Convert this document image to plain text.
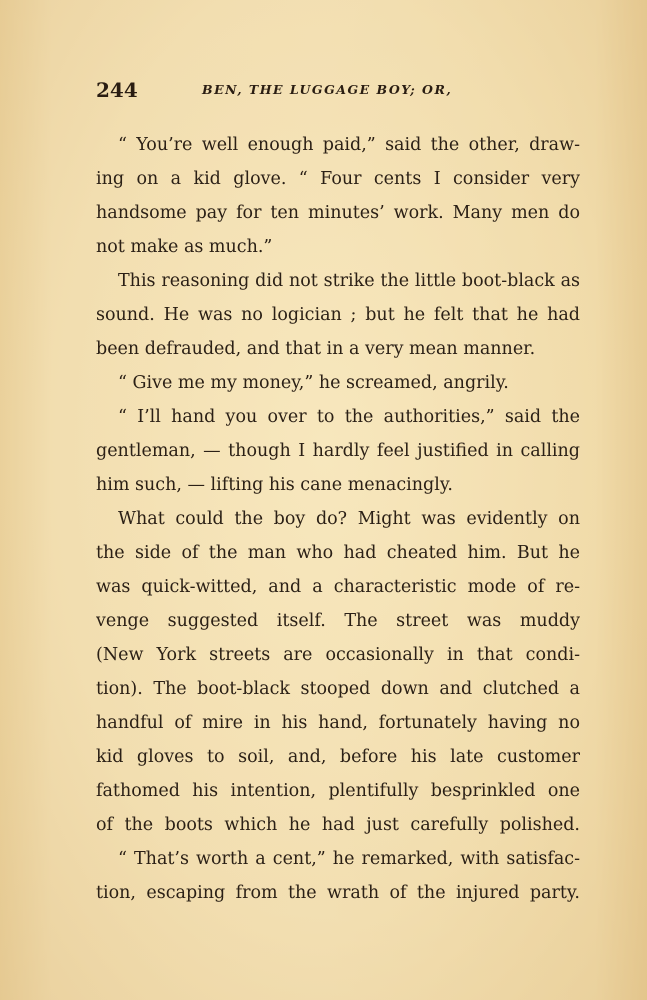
244	BEN, THE LUGGAGE BOY; OR,
“ You’re well enough paid,” said the other, draw-
ing on a kid glove. “ Four cents I consider very
handsome pay for ten minutes’ work. Many men do
not make as much.”
This reasoning did not strike the little boot-black as
sound. He was no logician ; but he felt that he had
been defrauded, and that in a very mean manner.
“ Give me my money,” he screamed, angrily.
“ I’ll hand you over to the authorities,” said the
gentleman, — though I hardly feel justified in calling
him such, — lifting his cane menacingly.
What could the boy do? Might was evidently on
the side of the man who had cheated him. But he
was quick-witted, and a characteristic mode of re-
venge suggested itself. The street was muddy
(New York streets are occasionally in that condi-
tion). The boot-black stooped down and clutched a
handful of mire in his hand, fortunately having no
kid gloves to soil, and, before his late customer
fathomed his intention, plentifully besprinkled one
of the boots which he had just carefully polished.
“ That’s worth a cent,” he remarked, with satisfac-
tion, escaping from the wrath of the injured party.
